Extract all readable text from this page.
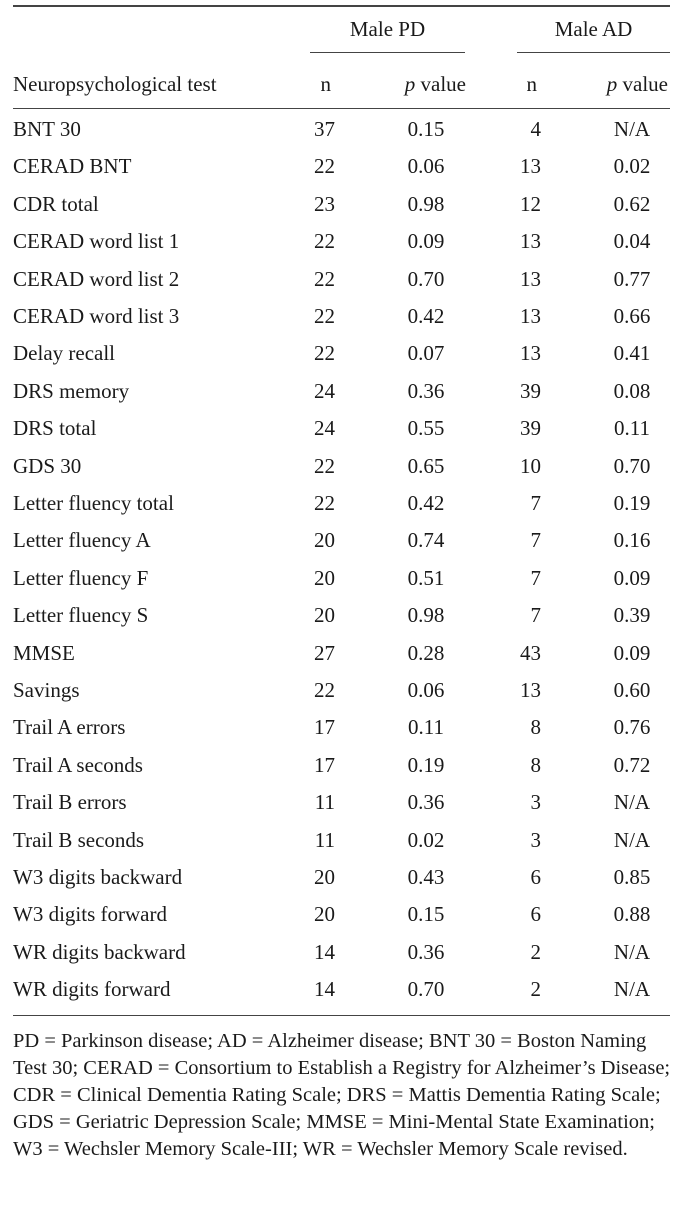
Male PD	Male AD
Neuropsychological test	n	p value	n	p value
BNT 30	37	0.15	4	N/A
CERAD BNT	22	0.06	13	0.02
CDR total	23	0.98	12	0.62
CERAD word list 1	22	0.09	13	0.04
CERAD word list 2	22	0.70	13	0.77
CERAD word list 3	22	0.42	13	0.66
Delay recall	22	0.07	13	0.41
DRS memory	24	0.36	39	0.08
DRS total	24	0.55	39	0.11
GDS 30	22	0.65	10	0.70
Letter fluency total	22	0.42	7	0.19
Letter fluency A	20	0.74	7	0.16
Letter fluency F	20	0.51	7	0.09
Letter fluency S	20	0.98	7	0.39
MMSE	27	0.28	43	0.09
Savings	22	0.06	13	0.60
Trail A errors	17	0.11	8	0.76
Trail A seconds	17	0.19	8	0.72
Trail B errors	11	0.36	3	N/A
Trail B seconds	11	0.02	3	N/A
W3 digits backward	20	0.43	6	0.85
W3 digits forward	20	0.15	6	0.88
WR digits backward	14	0.36	2	N/A
WR digits forward	14	0.70	2	N/A
PD = Parkinson disease; AD = Alzheimer disease; BNT 30 = Boston Naming Test 30; CERAD = Consortium to Establish a Registry for Alzheimer’s Disease; CDR = Clinical Dementia Rating Scale; DRS = Mattis Dementia Rating Scale; GDS = Geriatric Depression Scale; MMSE = Mini-Mental State Examination; W3 = Wechsler Memory Scale-III; WR = Wechsler Memory Scale revised.
